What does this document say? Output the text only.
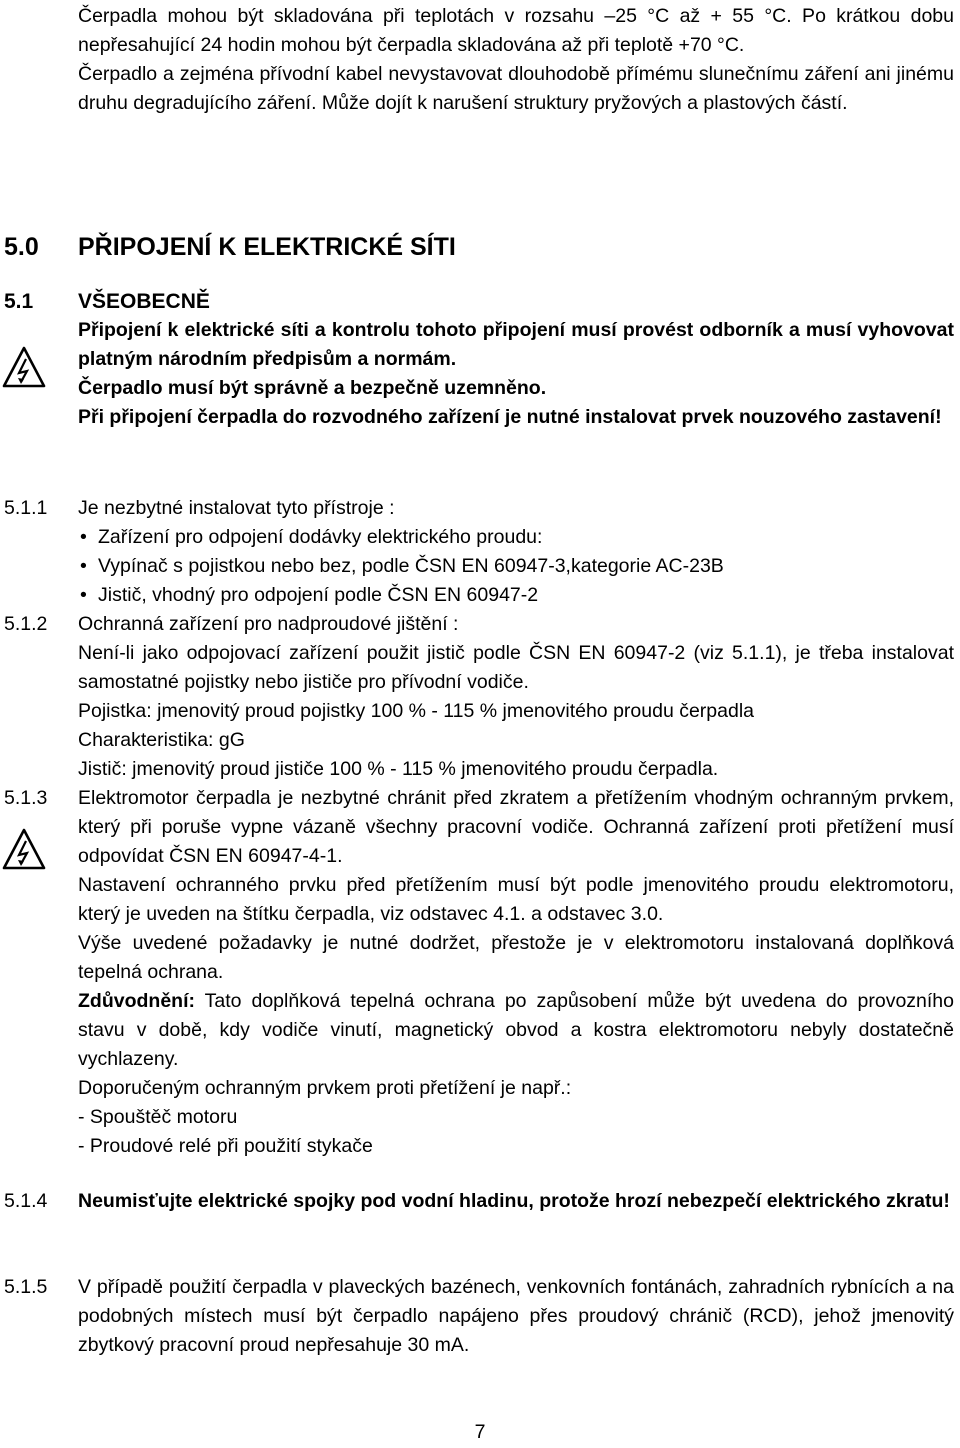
Čerpadla mohou být skladována při teplotách v rozsahu –25 °C až + 55 °C. Po krátkou dobu nepřesahující 24 hodin mohou být čerpadla skladována až při teplotě +70 °C.
Čerpadlo a zejména přívodní kabel nevystavovat dlouhodobě přímému slunečnímu záření ani jinému druhu degradujícího záření. Může dojít k narušení struktury pryžových a plastových částí.
5.0 PŘIPOJENÍ K ELEKTRICKÉ SÍTI
5.1 VŠEOBECNĚ
Připojení k elektrické síti a kontrolu tohoto připojení musí provést odborník a musí vyhovovat platným národním předpisům a normám.
Čerpadlo musí být správně a bezpečně uzemněno.
Při připojení čerpadla do rozvodného zařízení je nutné instalovat prvek nouzového zastavení!
5.1.1 Je nezbytné instalovat tyto přístroje :
• Zařízení pro odpojení dodávky elektrického proudu:
• Vypínač s pojistkou nebo bez, podle ČSN EN 60947-3,kategorie AC-23B
• Jistič, vhodný pro odpojení podle ČSN EN 60947-2
5.1.2 Ochranná zařízení pro nadproudové jištění :
Není-li jako odpojovací zařízení použit jistič podle ČSN EN 60947-2 (viz 5.1.1), je třeba instalovat samostatné pojistky nebo jističe pro přívodní vodiče.
Pojistka: jmenovitý proud pojistky 100 % - 115 % jmenovitého proudu čerpadla
Charakteristika: gG
Jistič: jmenovitý proud jističe 100 % - 115 % jmenovitého proudu čerpadla.
5.1.3 Elektromotor čerpadla je nezbytné chránit před zkratem a přetížením vhodným ochranným prvkem, který při poruše vypne vázaně všechny pracovní vodiče. Ochranná zařízení proti přetížení musí odpovídat ČSN EN 60947-4-1.
Nastavení ochranného prvku před přetížením musí být podle jmenovitého proudu elektromotoru, který je uveden na štítku čerpadla, viz odstavec 4.1. a odstavec 3.0.
Výše uvedené požadavky je nutné dodržet, přestože je v elektromotoru instalovaná doplňková tepelná ochrana.
Zdůvodnění: Tato doplňková tepelná ochrana po zapůsobení může být uvedena do provozního stavu v době, kdy vodiče vinutí, magnetický obvod a kostra elektromotoru nebyly dostatečně vychlazeny.
Doporučeným ochranným prvkem proti přetížení je např.:
- Spouštěč motoru
- Proudové relé při použití stykače
5.1.4 Neumisťujte elektrické spojky pod vodní hladinu, protože hrozí nebezpečí elektrického zkratu!
5.1.5 V případě použití čerpadla v plaveckých bazénech, venkovních fontánách, zahradních rybnících a na podobných místech musí být čerpadlo napájeno přes proudový chránič (RCD), jehož jmenovitý zbytkový pracovní proud nepřesahuje 30 mA.
7
